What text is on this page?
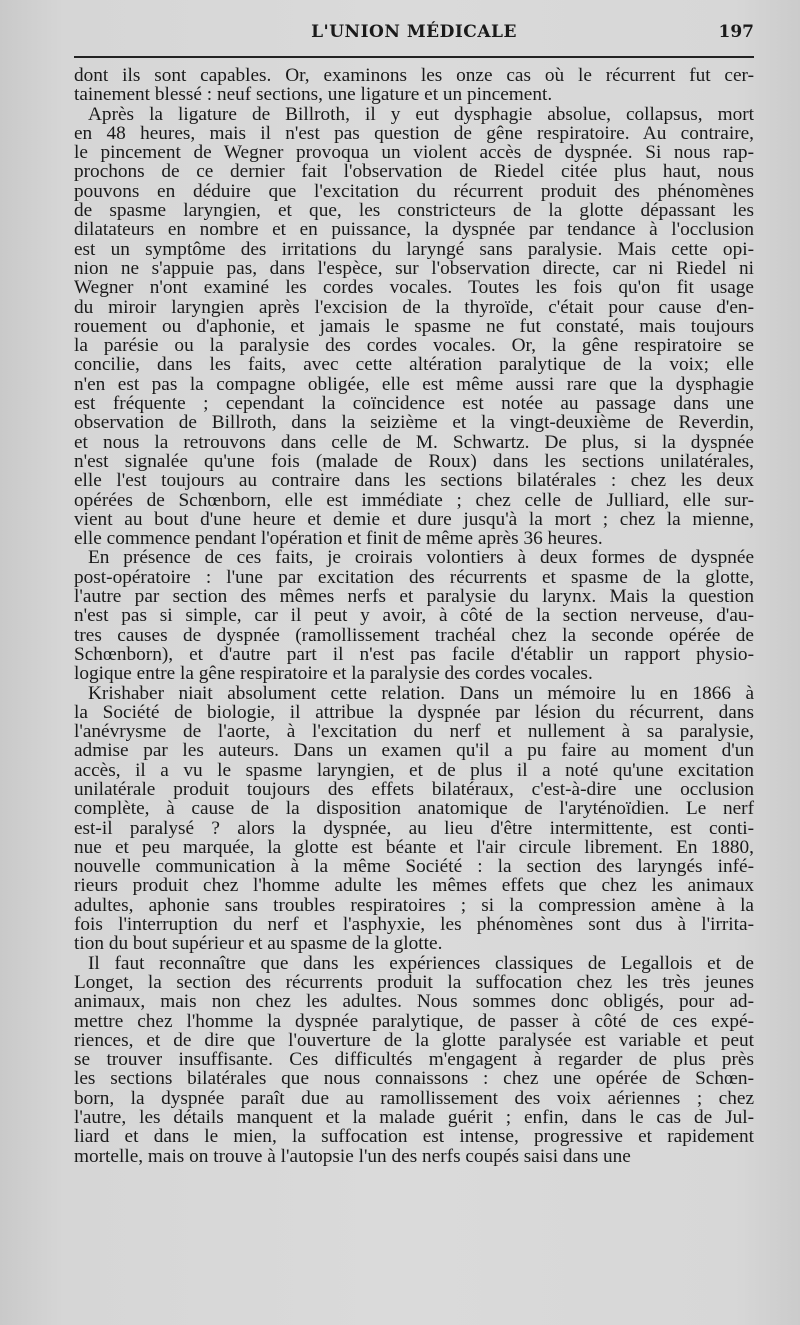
L'UNION MÉDICALE	197

dont ils sont capables. Or, examinons les onze cas où le récurrent fut cer-
tainement blessé : neuf sections, une ligature et un pincement.

Après la ligature de Billroth, il y eut dysphagie absolue, collapsus, mort
en 48 heures, mais il n'est pas question de gêne respiratoire. Au contraire,
le pincement de Wegner provoqua un violent accès de dyspnée. Si nous rap-
prochons de ce dernier fait l'observation de Riedel citée plus haut, nous
pouvons en déduire que l'excitation du récurrent produit des phénomènes
de spasme laryngien, et que, les constricteurs de la glotte dépassant les
dilatateurs en nombre et en puissance, la dyspnée par tendance à l'occlusion
est un symptôme des irritations du laryngé sans paralysie. Mais cette opi-
nion ne s'appuie pas, dans l'espèce, sur l'observation directe, car ni Riedel ni
Wegner n'ont examiné les cordes vocales. Toutes les fois qu'on fit usage
du miroir laryngien après l'excision de la thyroïde, c'était pour cause d'en-
rouement ou d'aphonie, et jamais le spasme ne fut constaté, mais toujours
la parésie ou la paralysie des cordes vocales. Or, la gêne respiratoire se
concilie, dans les faits, avec cette altération paralytique de la voix; elle
n'en est pas la compagne obligée, elle est même aussi rare que la dysphagie
est fréquente ; cependant la coïncidence est notée au passage dans une
observation de Billroth, dans la seizième et la vingt-deuxième de Reverdin,
et nous la retrouvons dans celle de M. Schwartz. De plus, si la dyspnée
n'est signalée qu'une fois (malade de Roux) dans les sections unilatérales,
elle l'est toujours au contraire dans les sections bilatérales : chez les deux
opérées de Schœnborn, elle est immédiate ; chez celle de Julliard, elle sur-
vient au bout d'une heure et demie et dure jusqu'à la mort ; chez la mienne,
elle commence pendant l'opération et finit de même après 36 heures.

En présence de ces faits, je croirais volontiers à deux formes de dyspnée
post-opératoire : l'une par excitation des récurrents et spasme de la glotte,
l'autre par section des mêmes nerfs et paralysie du larynx. Mais la question
n'est pas si simple, car il peut y avoir, à côté de la section nerveuse, d'au-
tres causes de dyspnée (ramollissement trachéal chez la seconde opérée de
Schœnborn), et d'autre part il n'est pas facile d'établir un rapport physio-
logique entre la gêne respiratoire et la paralysie des cordes vocales.

Krishaber niait absolument cette relation. Dans un mémoire lu en 1866 à
la Société de biologie, il attribue la dyspnée par lésion du récurrent, dans
l'anévrysme de l'aorte, à l'excitation du nerf et nullement à sa paralysie,
admise par les auteurs. Dans un examen qu'il a pu faire au moment d'un
accès, il a vu le spasme laryngien, et de plus il a noté qu'une excitation
unilatérale produit toujours des effets bilatéraux, c'est-à-dire une occlusion
complète, à cause de la disposition anatomique de l'aryténoïdien. Le nerf
est-il paralysé ? alors la dyspnée, au lieu d'être intermittente, est conti-
nue et peu marquée, la glotte est béante et l'air circule librement. En 1880,
nouvelle communication à la même Société : la section des laryngés infé-
rieurs produit chez l'homme adulte les mêmes effets que chez les animaux
adultes, aphonie sans troubles respiratoires ; si la compression amène à la
fois l'interruption du nerf et l'asphyxie, les phénomènes sont dus à l'irrita-
tion du bout supérieur et au spasme de la glotte.

Il faut reconnaître que dans les expériences classiques de Legallois et de
Longet, la section des récurrents produit la suffocation chez les très jeunes
animaux, mais non chez les adultes. Nous sommes donc obligés, pour ad-
mettre chez l'homme la dyspnée paralytique, de passer à côté de ces expé-
riences, et de dire que l'ouverture de la glotte paralysée est variable et peut
se trouver insuffisante. Ces difficultés m'engagent à regarder de plus près
les sections bilatérales que nous connaissons : chez une opérée de Schœn-
born, la dyspnée paraît due au ramollissement des voix aériennes ; chez
l'autre, les détails manquent et la malade guérit ; enfin, dans le cas de Jul-
liard et dans le mien, la suffocation est intense, progressive et rapidement
mortelle, mais on trouve à l'autopsie l'un des nerfs coupés saisi dans une
